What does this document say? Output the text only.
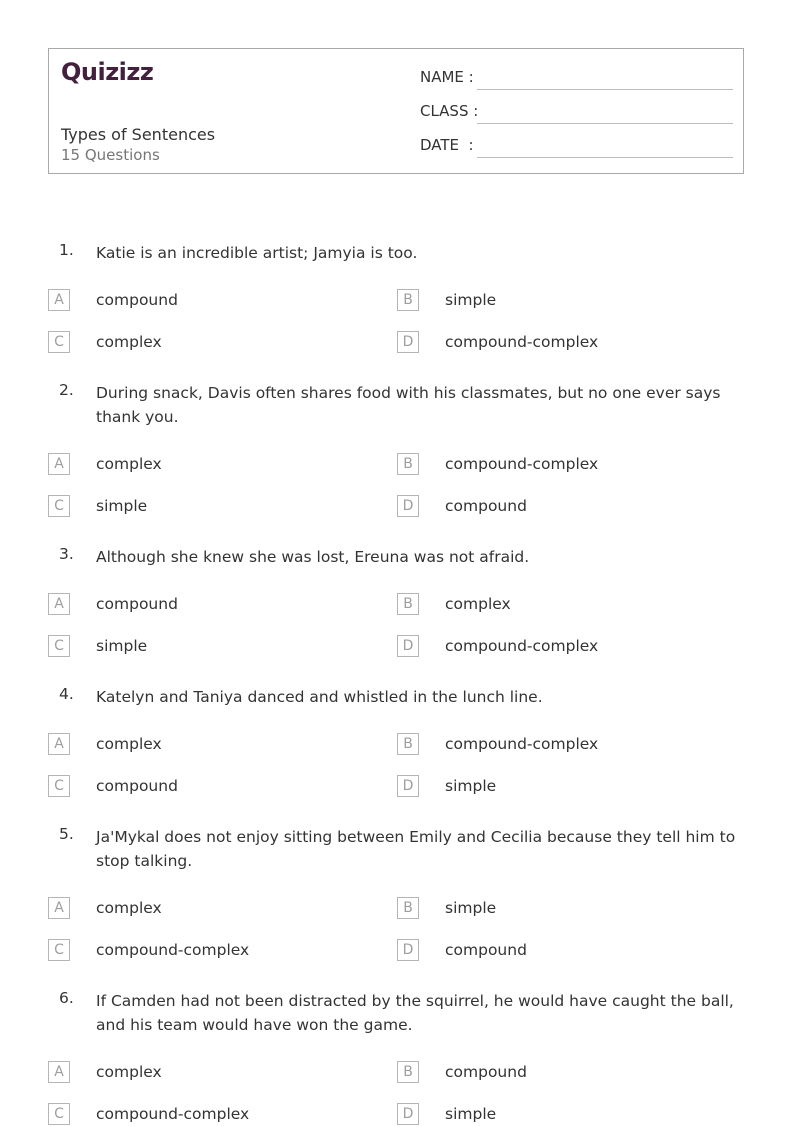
Quizizz
Types of Sentences
15 Questions
NAME :
CLASS :
DATE  :
1. Katie is an incredible artist; Jamyia is too.
A	compound	B	simple
C	complex	D	compound-complex
2. During snack, Davis often shares food with his classmates, but no one ever says thank you.
A	complex	B	compound-complex
C	simple	D	compound
3. Although she knew she was lost, Ereuna was not afraid.
A	compound	B	complex
C	simple	D	compound-complex
4. Katelyn and Taniya danced and whistled in the lunch line.
A	complex	B	compound-complex
C	compound	D	simple
5. Ja'Mykal does not enjoy sitting between Emily and Cecilia because they tell him to stop talking.
A	complex	B	simple
C	compound-complex	D	compound
6. If Camden had not been distracted by the squirrel, he would have caught the ball, and his team would have won the game.
A	complex	B	compound
C	compound-complex	D	simple
